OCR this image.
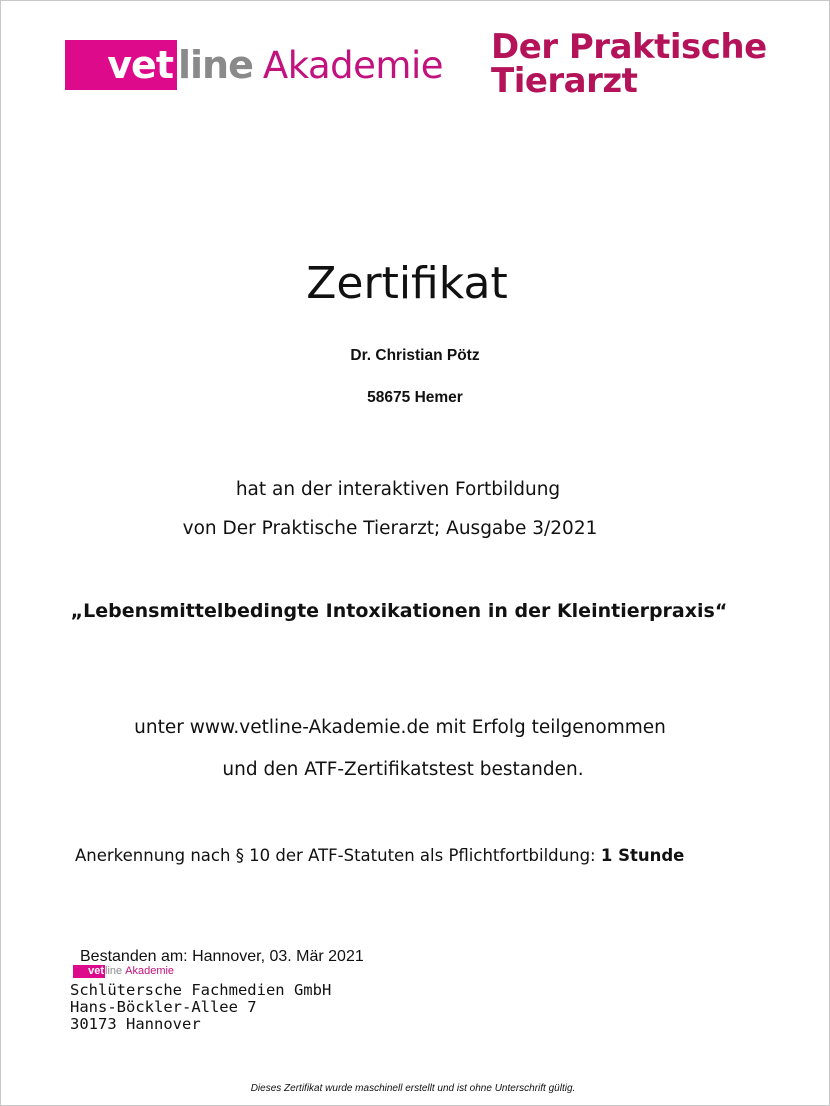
vet line Akademie Der Praktische
Tierarzt
Zertifikat
Dr. Christian Pötz
58675 Hemer
hat an der interaktiven Fortbildung
von Der Praktische Tierarzt; Ausgabe 3/2021
„Lebensmittelbedingte Intoxikationen in der Kleintierpraxis“
unter www.vetline-Akademie.de mit Erfolg teilgenommen
und den ATF-Zertifikatstest bestanden.
Anerkennung nach § 10 der ATF-Statuten als Pflichtfortbildung: 1 Stunde
Bestanden am: Hannover, 03. Mär 2021
vet line Akademie
Schlütersche Fachmedien GmbH
Hans-Böckler-Allee 7
30173 Hannover
Dieses Zertifikat wurde maschinell erstellt und ist ohne Unterschrift gültig.
